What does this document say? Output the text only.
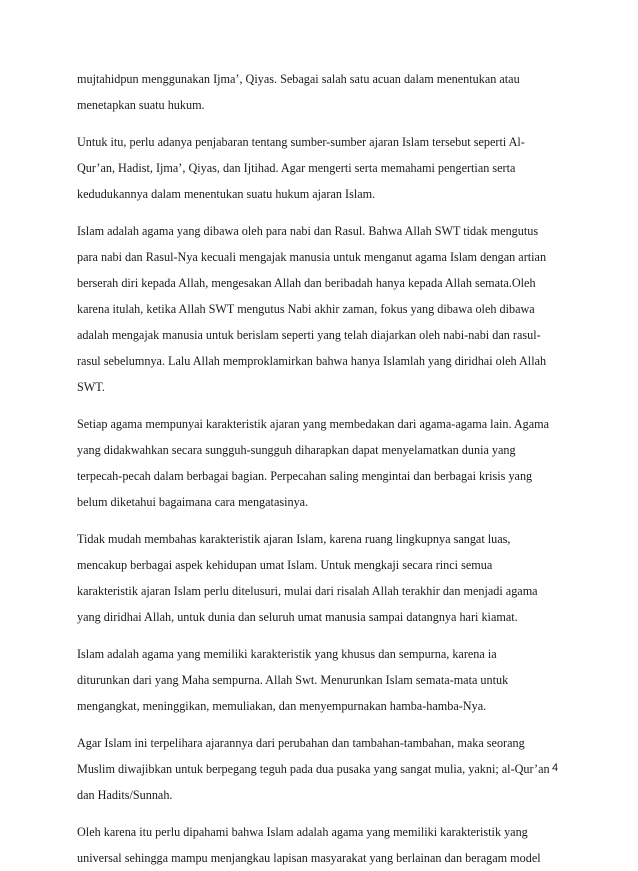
mujtahidpun menggunakan Ijma’, Qiyas. Sebagai salah satu acuan dalam menentukan atau
menetapkan suatu hukum.
Untuk itu, perlu adanya penjabaran tentang sumber-sumber ajaran Islam tersebut seperti Al-
Qur’an, Hadist, Ijma’, Qiyas, dan Ijtihad. Agar mengerti serta memahami pengertian serta
kedudukannya dalam menentukan suatu hukum ajaran Islam.
Islam adalah agama yang dibawa oleh para nabi dan Rasul. Bahwa Allah SWT tidak mengutus
para nabi dan Rasul-Nya kecuali mengajak manusia untuk menganut agama Islam dengan artian
berserah diri kepada Allah, mengesakan Allah dan beribadah hanya kepada Allah semata.Oleh
karena itulah, ketika Allah SWT mengutus Nabi akhir zaman, fokus yang dibawa oleh dibawa
adalah mengajak manusia untuk berislam seperti yang telah diajarkan oleh nabi-nabi dan rasul-
rasul sebelumnya. Lalu Allah memproklamirkan bahwa hanya Islamlah yang diridhai oleh Allah
SWT.
Setiap agama mempunyai karakteristik ajaran yang membedakan dari agama-agama lain. Agama
yang didakwahkan secara sungguh-sungguh diharapkan dapat menyelamatkan dunia yang
terpecah-pecah dalam berbagai bagian. Perpecahan saling mengintai dan berbagai krisis yang
belum diketahui bagaimana cara mengatasinya.
Tidak mudah membahas karakteristik ajaran Islam, karena ruang lingkupnya sangat luas,
mencakup berbagai aspek kehidupan umat Islam. Untuk mengkaji secara rinci semua
karakteristik ajaran Islam perlu ditelusuri, mulai dari risalah Allah terakhir dan menjadi agama
yang diridhai Allah, untuk dunia dan seluruh umat manusia sampai datangnya hari kiamat.
Islam adalah agama yang memiliki karakteristik yang khusus dan sempurna, karena ia
diturunkan dari yang Maha sempurna. Allah Swt. Menurunkan Islam semata-mata untuk
mengangkat, meninggikan, memuliakan, dan menyempurnakan hamba-hamba-Nya.
Agar Islam ini terpelihara ajarannya dari perubahan dan tambahan-tambahan, maka seorang
Muslim diwajibkan untuk berpegang teguh pada dua pusaka yang sangat mulia, yakni; al-Qur’an
dan Hadits/Sunnah.
Oleh karena itu perlu dipahami bahwa Islam adalah agama yang memiliki karakteristik yang
universal sehingga mampu menjangkau lapisan masyarakat yang berlainan dan beragam model
4
